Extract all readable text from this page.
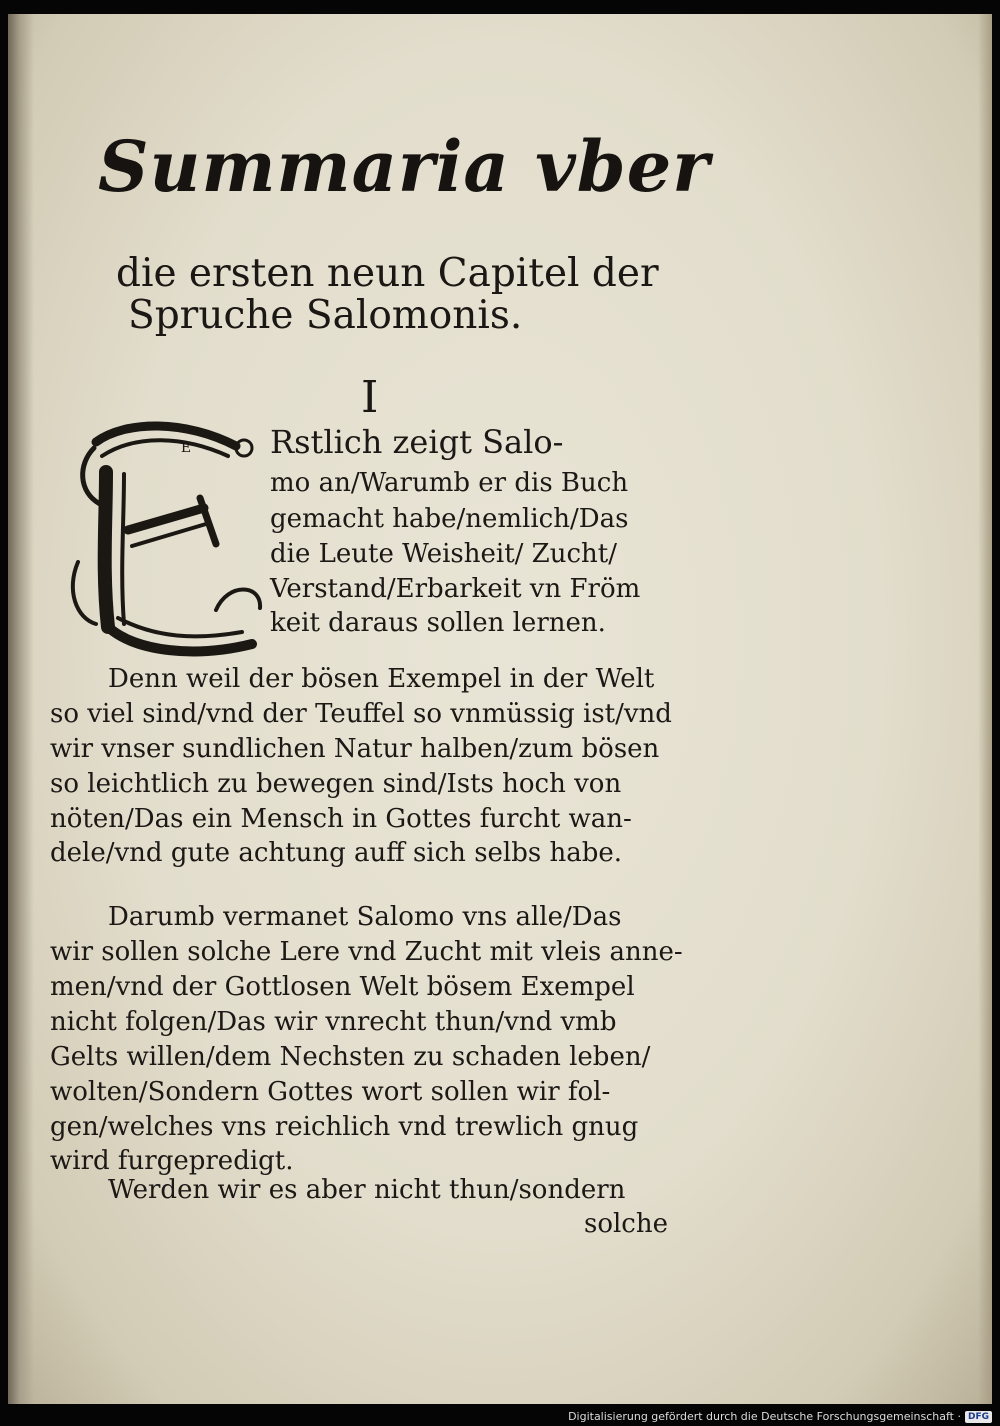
Summaria vber

die ersten neun Capitel der

Spruche Salomonis.

I

E Rstlich zeigt Salo-

mo an/Warumb er dis Buch

gemacht habe/nemlich/Das

die Leute Weisheit/ Zucht/

Verstand/Erbarkeit vn Fröm

keit daraus sollen lernen.

Denn weil der bösen Exempel in der Welt

so viel sind/vnd der Teuffel so vnmüssig ist/vnd

wir vnser sundlichen Natur halben/zum bösen

so leichtlich zu bewegen sind/Ists hoch von

nöten/Das ein Mensch in Gottes furcht wan-

dele/vnd gute achtung auff sich selbs habe.

Darumb vermanet Salomo vns alle/Das

wir sollen solche Lere vnd Zucht mit vleis anne-

men/vnd der Gottlosen Welt bösem Exempel

nicht folgen/Das wir vnrecht thun/vnd vmb

Gelts willen/dem Nechsten zu schaden leben/

wolten/Sondern Gottes wort sollen wir fol-

gen/welches vns reichlich vnd trewlich gnug

wird furgepredigt.

Werden wir es aber nicht thun/sondern

solche

Digitalisierung gefördert durch die Deutsche Forschungsgemeinschaft · DFG
